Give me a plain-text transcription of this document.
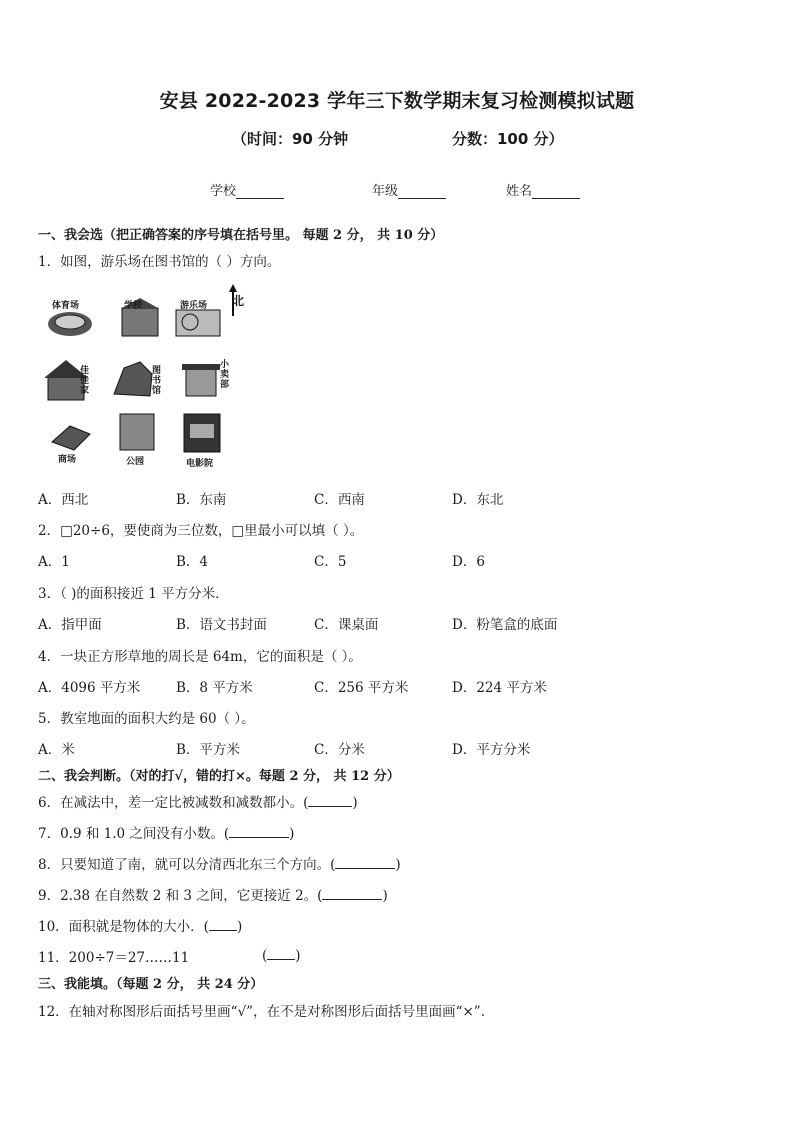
安县 2022-2023 学年三下数学期末复习检测模拟试题
（时间：90 分钟	分数：100 分）
学校	年级	姓名
一、我会选（把正确答案的序号填在括号里。 每题 2 分， 共 10 分）
1．如图，游乐场在图书馆的（ ）方向。
北
体育场	学校	游乐场
佳佳家
图书馆
小卖部
商场	公园	电影院
A．西北	B．东南	C．西南	D．东北
2．□20÷6，要使商为三位数，□里最小可以填（ ）。
A．1	B．4	C．5	D．6
3．（ )的面积接近 1 平方分米．
A．指甲面	B．语文书封面	C．课桌面	D．粉笔盒的底面
4．一块正方形草地的周长是 64m，它的面积是（ ）。
A．4096 平方米	B．8 平方米	C．256 平方米	D．224 平方米
5．教室地面的面积大约是 60（ ）。
A．米	B．平方米	C．分米	D．平方分米
二、我会判断。（对的打√，错的打×。每题 2 分， 共 12 分）
6．在减法中，差一定比被减数和减数都小。(	)
7．0.9 和 1.0 之间没有小数。(	)
8．只要知道了南，就可以分清西北东三个方向。(	)
9．2.38 在自然数 2 和 3 之间，它更接近 2。(	)
10．面积就是物体的大小．( )
11．200÷7＝27……11	( )
三、我能填。（每题 2 分， 共 24 分）
12．在轴对称图形后面括号里画“√”，在不是对称图形后面括号里面画“×”.
